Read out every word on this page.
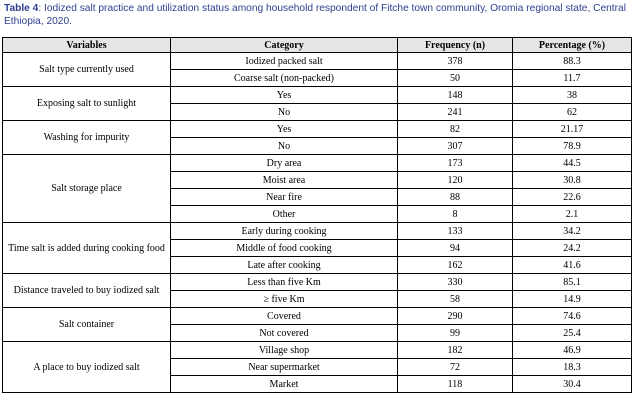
Table 4: Iodized salt practice and utilization status among household respondent of Fitche town community, Oromia regional state, Central Ethiopia, 2020.
Variables	Category	Frequency (n)	Percentage (%)
Salt type currently used	Iodized packed salt	378	88.3
	Coarse salt (non-packed)	50	11.7
Exposing salt to sunlight	Yes	148	38
	No	241	62
Washing for impurity	Yes	82	21.17
	No	307	78.9
Salt storage place	Dry area	173	44.5
	Moist area	120	30.8
	Near fire	88	22.6
	Other	8	2.1
Time salt is added during cooking food	Early during cooking	133	34.2
	Middle of food cooking	94	24.2
	Late after cooking	162	41.6
Distance traveled to buy iodized salt	Less than five Km	330	85.1
	≥ five Km	58	14.9
Salt container	Covered	290	74.6
	Not covered	99	25.4
A place to buy iodized salt	Village shop	182	46.9
	Near supermarket	72	18.3
	Market	118	30.4
